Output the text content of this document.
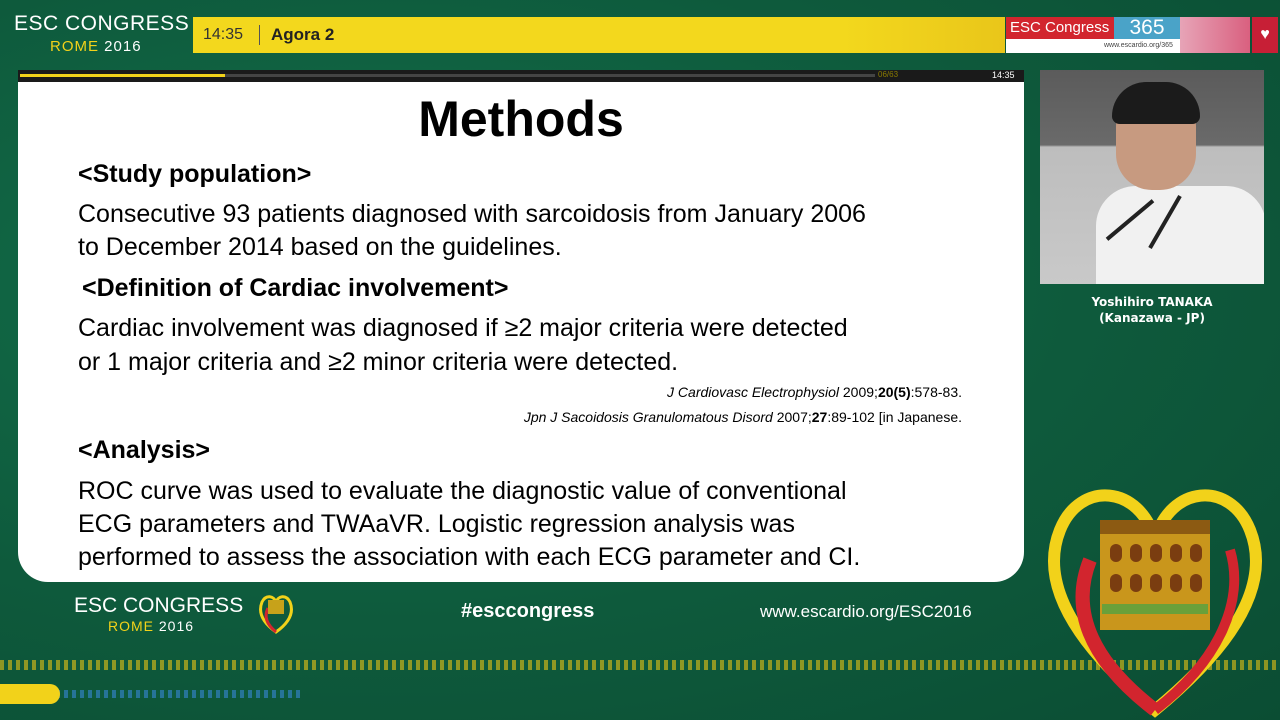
ESC CONGRESS
ROME 2016
14:35 Agora 2	ESC Congress 365
www.escardio.org/365
♥
06/63	14:35
Methods
<Study population>
Consecutive 93 patients diagnosed with sarcoidosis from January 2006
to December 2014 based on the guidelines.
<Definition of Cardiac involvement>
Cardiac involvement was diagnosed if ≥2 major criteria were detected
or 1 major criteria and ≥2 minor criteria were detected.
J Cardiovasc Electrophysiol 2009;20(5):578-83.
Jpn J Sacoidosis Granulomatous Disord 2007;27:89-102 [in Japanese.
<Analysis>
ROC curve was used to evaluate the diagnostic value of conventional
ECG parameters and TWAaVR. Logistic regression analysis was
performed to assess the association with each ECG parameter and CI.
Yoshihiro TANAKA
(Kanazawa - JP)
ESC CONGRESS
ROME 2016
#esccongress	www.escardio.org/ESC2016
